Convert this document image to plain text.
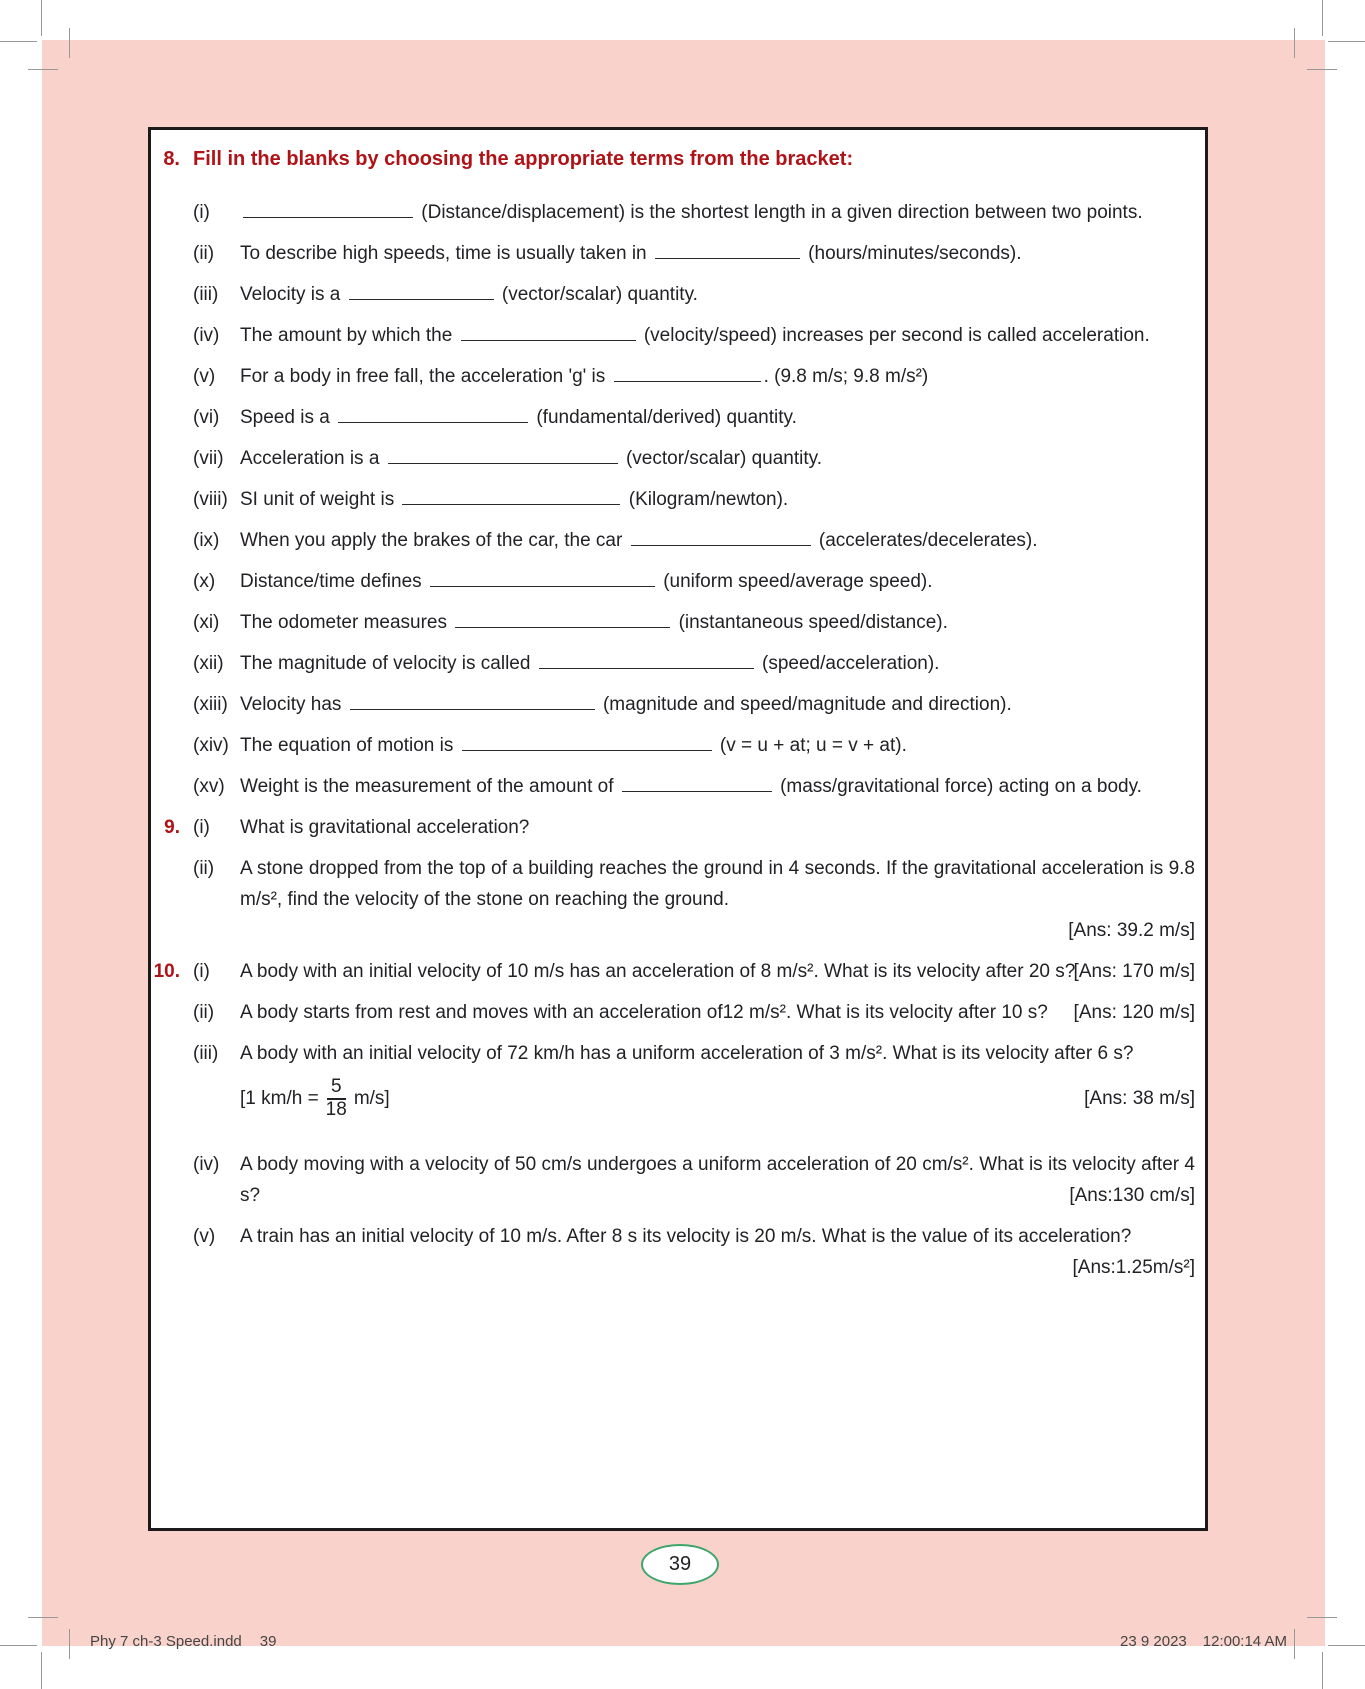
8. Fill in the blanks by choosing the appropriate terms from the bracket:
(i)	(Distance/displacement) is the shortest length in a given direction between two points.
(ii)	To describe high speeds, time is usually taken in	(hours/minutes/seconds).
(iii)	Velocity is a	(vector/scalar) quantity.
(iv)	The amount by which the	(velocity/speed) increases per second is called acceleration.
(v)	For a body in free fall, the acceleration 'g' is	. (9.8 m/s; 9.8 m/s²)
(vi)	Speed is a	(fundamental/derived) quantity.
(vii) Acceleration is a	(vector/scalar) quantity.
(viii) SI unit of weight is	(Kilogram/newton).
(ix)	When you apply the brakes of the car, the car	(accelerates/decelerates).
(x)	Distance/time defines	(uniform speed/average speed).
(xi)	The odometer measures	(instantaneous speed/distance).
(xii) The magnitude of velocity is called	(speed/acceleration).
(xiii) Velocity has	(magnitude and speed/magnitude and direction).
(xiv) The equation of motion is	(v = u + at; u = v + at).
(xv) Weight is the measurement of the amount of	(mass/gravitational force) acting on a body.
9. (i)	What is gravitational acceleration?
(ii)	A stone dropped from the top of a building reaches the ground in 4 seconds. If the gravitational acceleration is 9.8 m/s², find the velocity of the stone on reaching the ground.
[Ans: 39.2 m/s]
10. (i)	A body with an initial velocity of 10 m/s has an acceleration of 8 m/s². What is its velocity after 20 s?
[Ans: 170 m/s]
(ii)	A body starts from rest and moves with an acceleration of12 m/s². What is its velocity after 10 s? [Ans: 120 m/s]
(iii)	A body with an initial velocity of 72 km/h has a uniform acceleration of 3 m/s². What is its velocity after 6 s?
[1 $km/h = \frac{5}{18} m/s$]	[Ans: 38 m/s]
(iv)	A body moving with a velocity of 50 cm/s undergoes a uniform acceleration of 20 cm/s². What is its velocity after 4 s?	[Ans:130 cm/s]
(v)	A train has an initial velocity of 10 m/s. After 8 s its velocity is 20 m/s. What is the value of its acceleration?
[Ans:1.25m/s²]
39
Phy 7 ch-3 Speed.indd 39	23 9 2023 12:00:14 AM
